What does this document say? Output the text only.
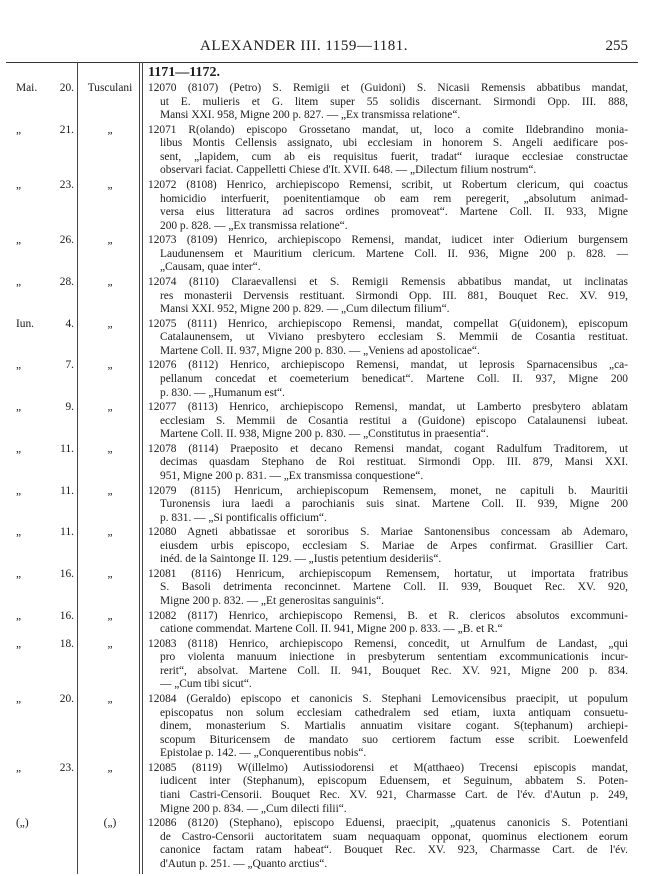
ALEXANDER III. 1159—1181.	255
1171—1172.
Mai. 20.	Tusculani	12070 (8107) (Petro) S. Remigii et (Guidoni) S. Nicasii Remensis abbatibus mandat,
ut E. mulieris et G. litem super 55 solidis discernant. Sirmondi Opp. III. 888,
Mansi XXI. 958, Migne 200 p. 827. — „Ex transmissa relatione“.
„	21.	„	12071 R(olando) episcopo Grossetano mandat, ut, loco a comite Ildebrandino monia-
libus Montis Cellensis assignato, ubi ecclesiam in honorem S. Angeli aedificare pos-
sent, „lapidem, cum ab eis requisitus fuerit, tradat“ iuraque ecclesiae constructae
observari faciat. Cappelletti Chiese d'It. XVII. 648. — „Dilectum filium nostrum“.
„	23.	„	12072 (8108) Henrico, archiepiscopo Remensi, scribit, ut Robertum clericum, qui coactus
homicidio interfuerit, poenitentiamque ob eam rem peregerit, „absolutum animad-
versa eius litteratura ad sacros ordines promoveat“. Martene Coll. II. 933, Migne
200 p. 828. — „Ex transmissa relatione“.
„	26.	„	12073 (8109) Henrico, archiepiscopo Remensi, mandat, iudicet inter Odierium burgensem
Laudunensem et Mauritium clericum. Martene Coll. II. 936, Migne 200 p. 828. —
„Causam, quae inter“.
„	28.	„	12074 (8110) Claraevallensi et S. Remigii Remensis abbatibus mandat, ut inclinatas
res monasterii Dervensis restituant. Sirmondi Opp. III. 881, Bouquet Rec. XV. 919,
Mansi XXI. 952, Migne 200 p. 829. — „Cum dilectum filium“.
Iun.	4.	„	12075 (8111) Henrico, archiepiscopo Remensi, mandat, compellat G(uidonem), episcopum
Catalaunensem, ut Viviano presbytero ecclesiam S. Memmii de Cosantia restituat.
Martene Coll. II. 937, Migne 200 p. 830. — „Veniens ad apostolicae“.
„	7.	„	12076 (8112) Henrico, archiepiscopo Remensi, mandat, ut leprosis Sparnacensibus „ca-
pellanum concedat et coemeterium benedicat“. Martene Coll. II. 937, Migne 200
p. 830. — „Humanum est“.
„	9.	„	12077 (8113) Henrico, archiepiscopo Remensi, mandat, ut Lamberto presbytero ablatam
ecclesiam S. Memmii de Cosantia restitui a (Guidone) episcopo Catalaunensi iubeat.
Martene Coll. II. 938, Migne 200 p. 830. — „Constitutus in praesentia“.
„	11.	„	12078 (8114) Praeposito et decano Remensi mandat, cogant Radulfum Traditorem, ut
decimas quasdam Stephano de Roi restituat. Sirmondi Opp. III. 879, Mansi XXI.
951, Migne 200 p. 831. — „Ex transmissa conquestione“.
„	11.	„	12079 (8115) Henricum, archiepiscopum Remensem, monet, ne capituli b. Mauritii
Turonensis iura laedi a parochianis suis sinat. Martene Coll. II. 939, Migne 200
p. 831. — „Si pontificalis officium“.
„	11.	„	12080 Agneti abbatissae et sororibus S. Mariae Santonensibus concessam ab Ademaro,
eiusdem urbis episcopo, ecclesiam S. Mariae de Arpes confirmat. Grasillier Cart.
inéd. de la Saintonge II. 129. — „Iustis petentium desideriis“.
„	16.	„	12081 (8116) Henricum, archiepiscopum Remensem, hortatur, ut importata fratribus
S. Basoli detrimenta reconcinnet. Martene Coll. II. 939, Bouquet Rec. XV. 920,
Migne 200 p. 832. — „Et generositas sanguinis“.
„	16.	„	12082 (8117) Henrico, archiepiscopo Remensi, B. et R. clericos absolutos excommuni-
catione commendat. Martene Coll. II. 941, Migne 200 p. 833. — „B. et R.“
„	18.	„	12083 (8118) Henrico, archiepiscopo Remensi, concedit, ut Arnulfum de Landast, „qui
pro violenta manuum iniectione in presbyterum sententiam excommunicationis incur-
rerit“, absolvat. Martene Coll. II. 941, Bouquet Rec. XV. 921, Migne 200 p. 834.
— „Cum tibi sicut“.
„	20.	„	12084 (Geraldo) episcopo et canonicis S. Stephani Lemovicensibus praecipit, ut populum
episcopatus non solum ecclesiam cathedralem sed etiam, iuxta antiquam consuetu-
dinem, monasterium S. Martialis annuatim visitare cogant. S(tephanum) archiepi-
scopum Bituricensem de mandato suo certiorem factum esse scribit. Loewenfeld
Epistolae p. 142. — „Conquerentibus nobis“.
„	23.	„	12085 (8119) W(illelmo) Autissiodorensi et M(atthaeo) Trecensi episcopis mandat,
iudicent inter (Stephanum), episcopum Eduensem, et Seguinum, abbatem S. Poten-
tiani Castri-Censorii. Bouquet Rec. XV. 921, Charmasse Cart. de l'év. d'Autun p. 249,
Migne 200 p. 834. — „Cum dilecti filii“.
(„)	(„)	12086 (8120) (Stephano), episcopo Eduensi, praecipit, „quatenus canonicis S. Potentiani
de Castro-Censorii auctoritatem suam nequaquam opponat, quominus electionem eorum
canonice factam ratam habeat“. Bouquet Rec. XV. 923, Charmasse Cart. de l'év.
d'Autun p. 251. — „Quanto arctius“.
